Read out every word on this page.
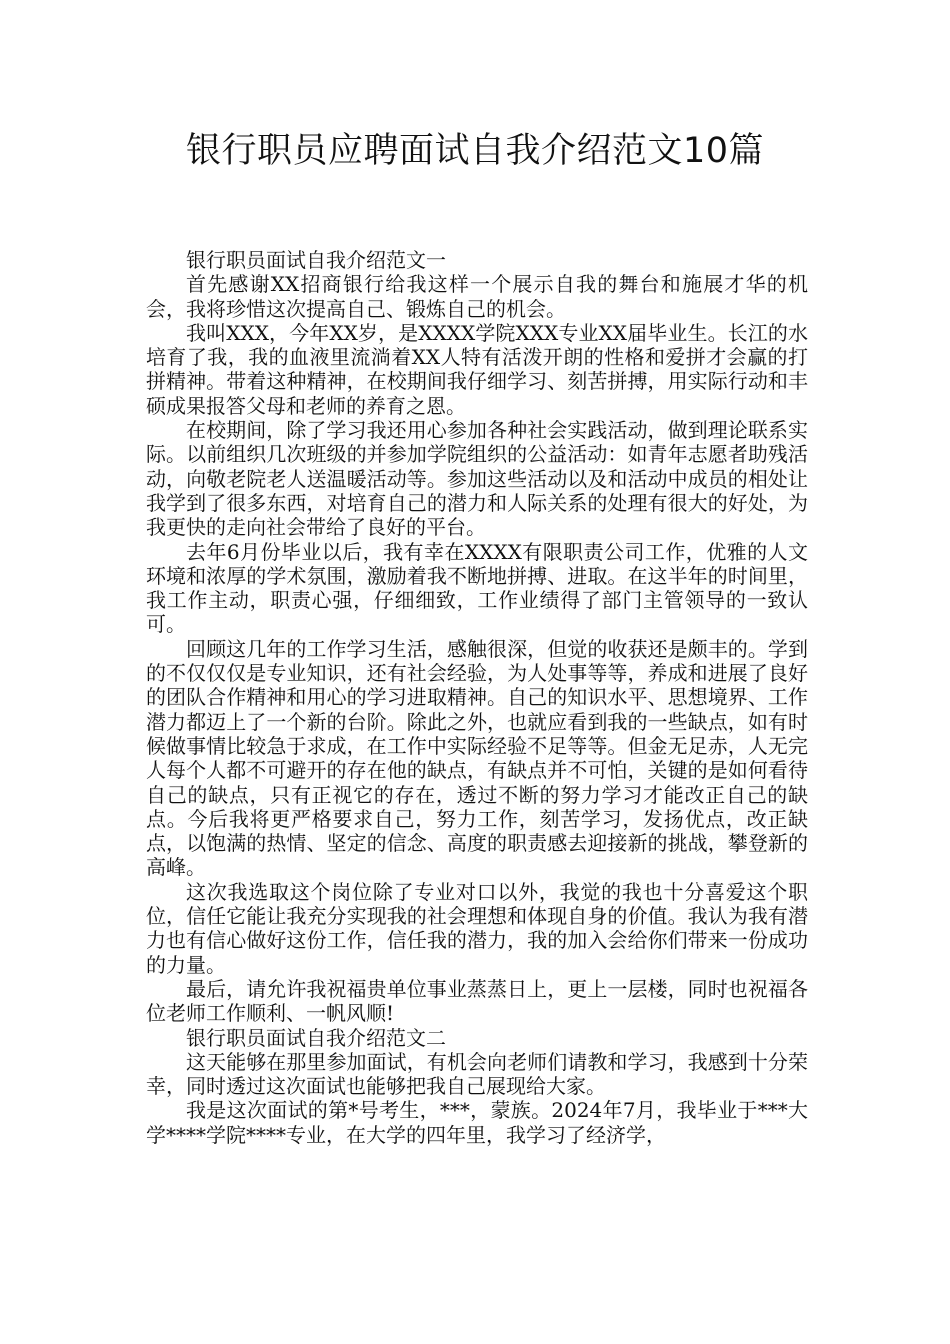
银行职员应聘面试自我介绍范文10篇

银行职员面试自我介绍范文一

首先感谢XX招商银行给我这样一个展示自我的舞台和施展才华的机会，我将珍惜这次提高自己、锻炼自己的机会。

我叫XXX，今年XX岁，是XXXX学院XXX专业XX届毕业生。长江的水培育了我，我的血液里流淌着XX人特有活泼开朗的性格和爱拼才会赢的打拼精神。带着这种精神，在校期间我仔细学习、刻苦拼搏，用实际行动和丰硕成果报答父母和老师的养育之恩。

在校期间，除了学习我还用心参加各种社会实践活动，做到理论联系实际。以前组织几次班级的并参加学院组织的公益活动：如青年志愿者助残活动，向敬老院老人送温暖活动等。参加这些活动以及和活动中成员的相处让我学到了很多东西，对培育自己的潜力和人际关系的处理有很大的好处，为我更快的走向社会带给了良好的平台。

去年6月份毕业以后，我有幸在XXXX有限职责公司工作，优雅的人文环境和浓厚的学术氛围，激励着我不断地拼搏、进取。在这半年的时间里，我工作主动，职责心强，仔细细致，工作业绩得了部门主管领导的一致认可。

回顾这几年的工作学习生活，感触很深，但觉的收获还是颇丰的。学到的不仅仅仅是专业知识，还有社会经验，为人处事等等，养成和进展了良好的团队合作精神和用心的学习进取精神。自己的知识水平、思想境界、工作潜力都迈上了一个新的台阶。除此之外，也就应看到我的一些缺点，如有时候做事情比较急于求成，在工作中实际经验不足等等。但金无足赤，人无完人每个人都不可避开的存在他的缺点，有缺点并不可怕，关键的是如何看待自己的缺点，只有正视它的存在，透过不断的努力学习才能改正自己的缺点。今后我将更严格要求自己，努力工作，刻苦学习，发扬优点，改正缺点，以饱满的热情、坚定的信念、高度的职责感去迎接新的挑战，攀登新的高峰。

这次我选取这个岗位除了专业对口以外，我觉的我也十分喜爱这个职位，信任它能让我充分实现我的社会理想和体现自身的价值。我认为我有潜力也有信心做好这份工作，信任我的潜力，我的加入会给你们带来一份成功的力量。

最后，请允许我祝福贵单位事业蒸蒸日上，更上一层楼，同时也祝福各位老师工作顺利、一帆风顺!

银行职员面试自我介绍范文二

这天能够在那里参加面试，有机会向老师们请教和学习，我感到十分荣幸，同时透过这次面试也能够把我自己展现给大家。

我是这次面试的第*号考生，***，蒙族。2024年7月，我毕业于***大学****学院****专业，在大学的四年里，我学习了经济学，
